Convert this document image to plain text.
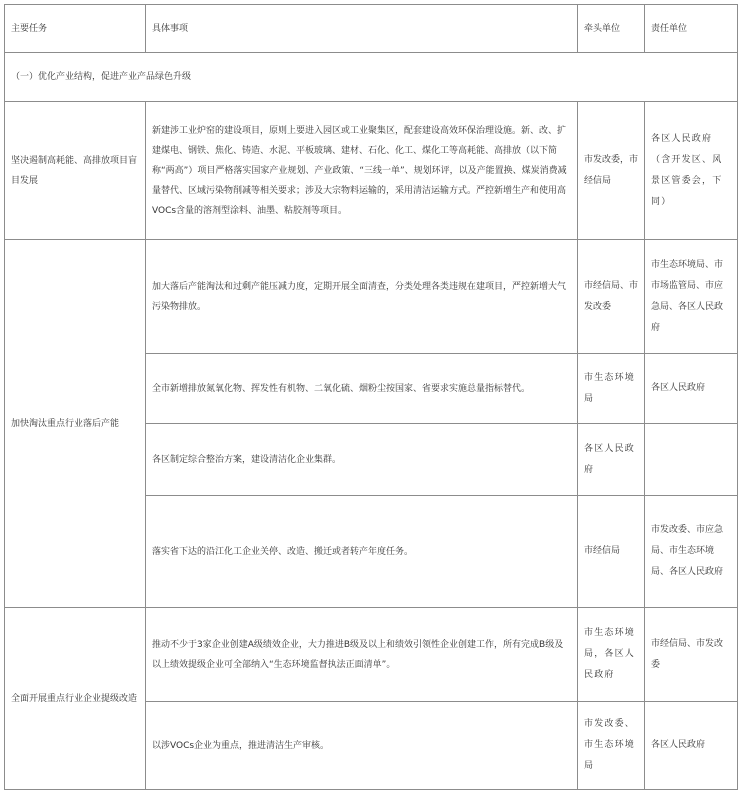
主要任务	具体事项	牵头单位	责任单位
（一）优化产业结构，促进产业产品绿色升级			
坚决遏制高耗能、高排放项目盲目发展	新建涉工业炉窑的建设项目，原则上要进入园区或工业聚集区，配套建设高效环保治理设施。新、改、扩建煤电、钢铁、焦化、铸造、水泥、平板玻璃、建材、石化、化工、煤化工等高耗能、高排放（以下简称“两高”）项目严格落实国家产业规划、产业政策、“三线一单”、规划环评，以及产能置换、煤炭消费减量替代、区域污染物削减等相关要求；涉及大宗物料运输的，采用清洁运输方式。严控新增生产和使用高VOCs含量的溶剂型涂料、油墨、粘胶剂等项目。	市发改委，市经信局	各区人民政府（含开发区、风景区管委会，下同）
加快淘汰重点行业落后产能	加大落后产能淘汰和过剩产能压减力度，定期开展全面清查，分类处理各类违规在建项目，严控新增大气污染物排放。	市经信局、市发改委	市生态环境局、市市场监管局、市应急局、各区人民政府
	全市新增排放氮氧化物、挥发性有机物、二氧化硫、烟粉尘按国家、省要求实施总量指标替代。	市生态环境局	各区人民政府
	各区制定综合整治方案，建设清洁化企业集群。	各区人民政府	
	落实省下达的沿江化工企业关停、改造、搬迁或者转产年度任务。	市经信局	市发改委、市应急局、市生态环境局、各区人民政府
全面开展重点行业企业提级改造	推动不少于3家企业创建A级绩效企业，大力推进B级及以上和绩效引领性企业创建工作，所有完成B级及以上绩效提级企业可全部纳入“生态环境监督执法正面清单”。	市生态环境局，各区人民政府	市经信局、市发改委
	以涉VOCs企业为重点，推进清洁生产审核。	市发改委、市生态环境局	各区人民政府
